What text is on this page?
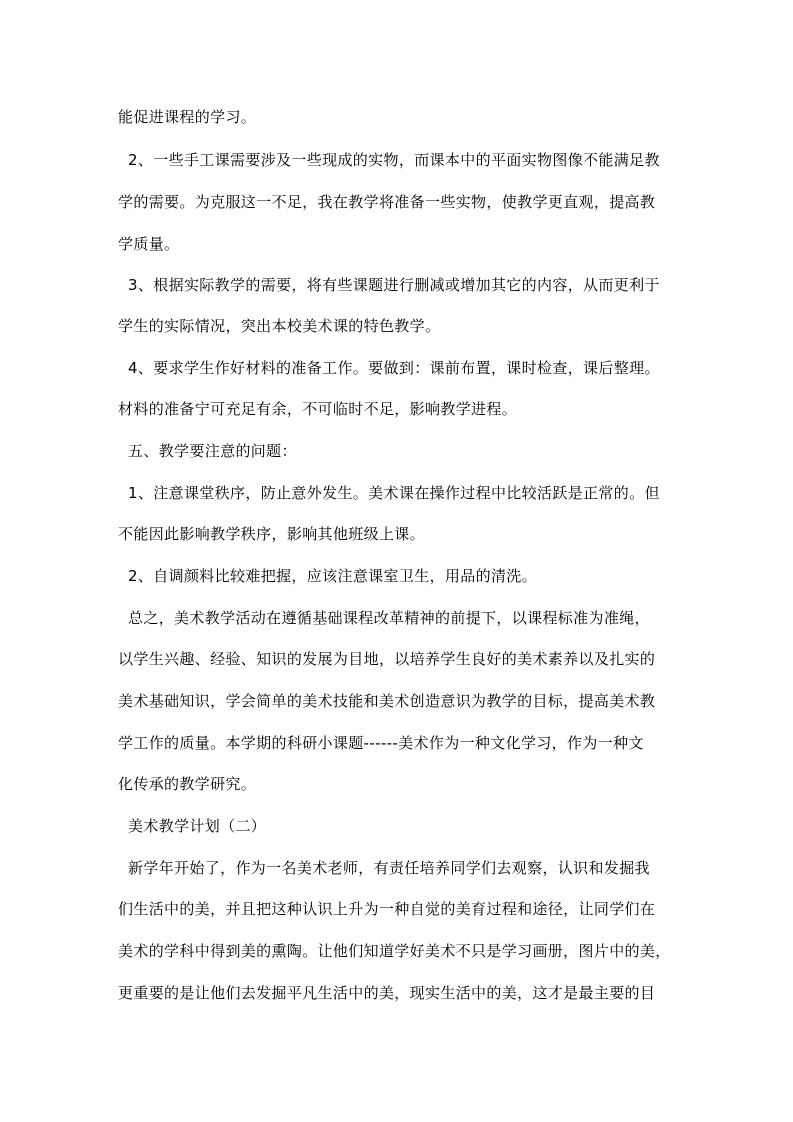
能促进课程的学习。
2、一些手工课需要涉及一些现成的实物，而课本中的平面实物图像不能满足教
学的需要。为克服这一不足，我在教学将准备一些实物，使教学更直观，提高教
学质量。
3、根据实际教学的需要，将有些课题进行删减或增加其它的内容，从而更利于
学生的实际情况，突出本校美术课的特色教学。
4、要求学生作好材料的准备工作。要做到：课前布置，课时检查，课后整理。
材料的准备宁可充足有余，不可临时不足，影响教学进程。
五、教学要注意的问题：
1、注意课堂秩序，防止意外发生。美术课在操作过程中比较活跃是正常的。但
不能因此影响教学秩序，影响其他班级上课。
2、自调颜料比较难把握，应该注意课室卫生，用品的清洗。
总之，美术教学活动在遵循基础课程改革精神的前提下，以课程标准为准绳，
以学生兴趣、经验、知识的发展为目地，以培养学生良好的美术素养以及扎实的
美术基础知识，学会简单的美术技能和美术创造意识为教学的目标，提高美术教
学工作的质量。本学期的科研小课题------美术作为一种文化学习，作为一种文
化传承的教学研究。
美术教学计划（二）
新学年开始了，作为一名美术老师，有责任培养同学们去观察，认识和发掘我
们生活中的美，并且把这种认识上升为一种自觉的美育过程和途径，让同学们在
美术的学科中得到美的熏陶。让他们知道学好美术不只是学习画册，图片中的美，
更重要的是让他们去发掘平凡生活中的美，现实生活中的美，这才是最主要的目
